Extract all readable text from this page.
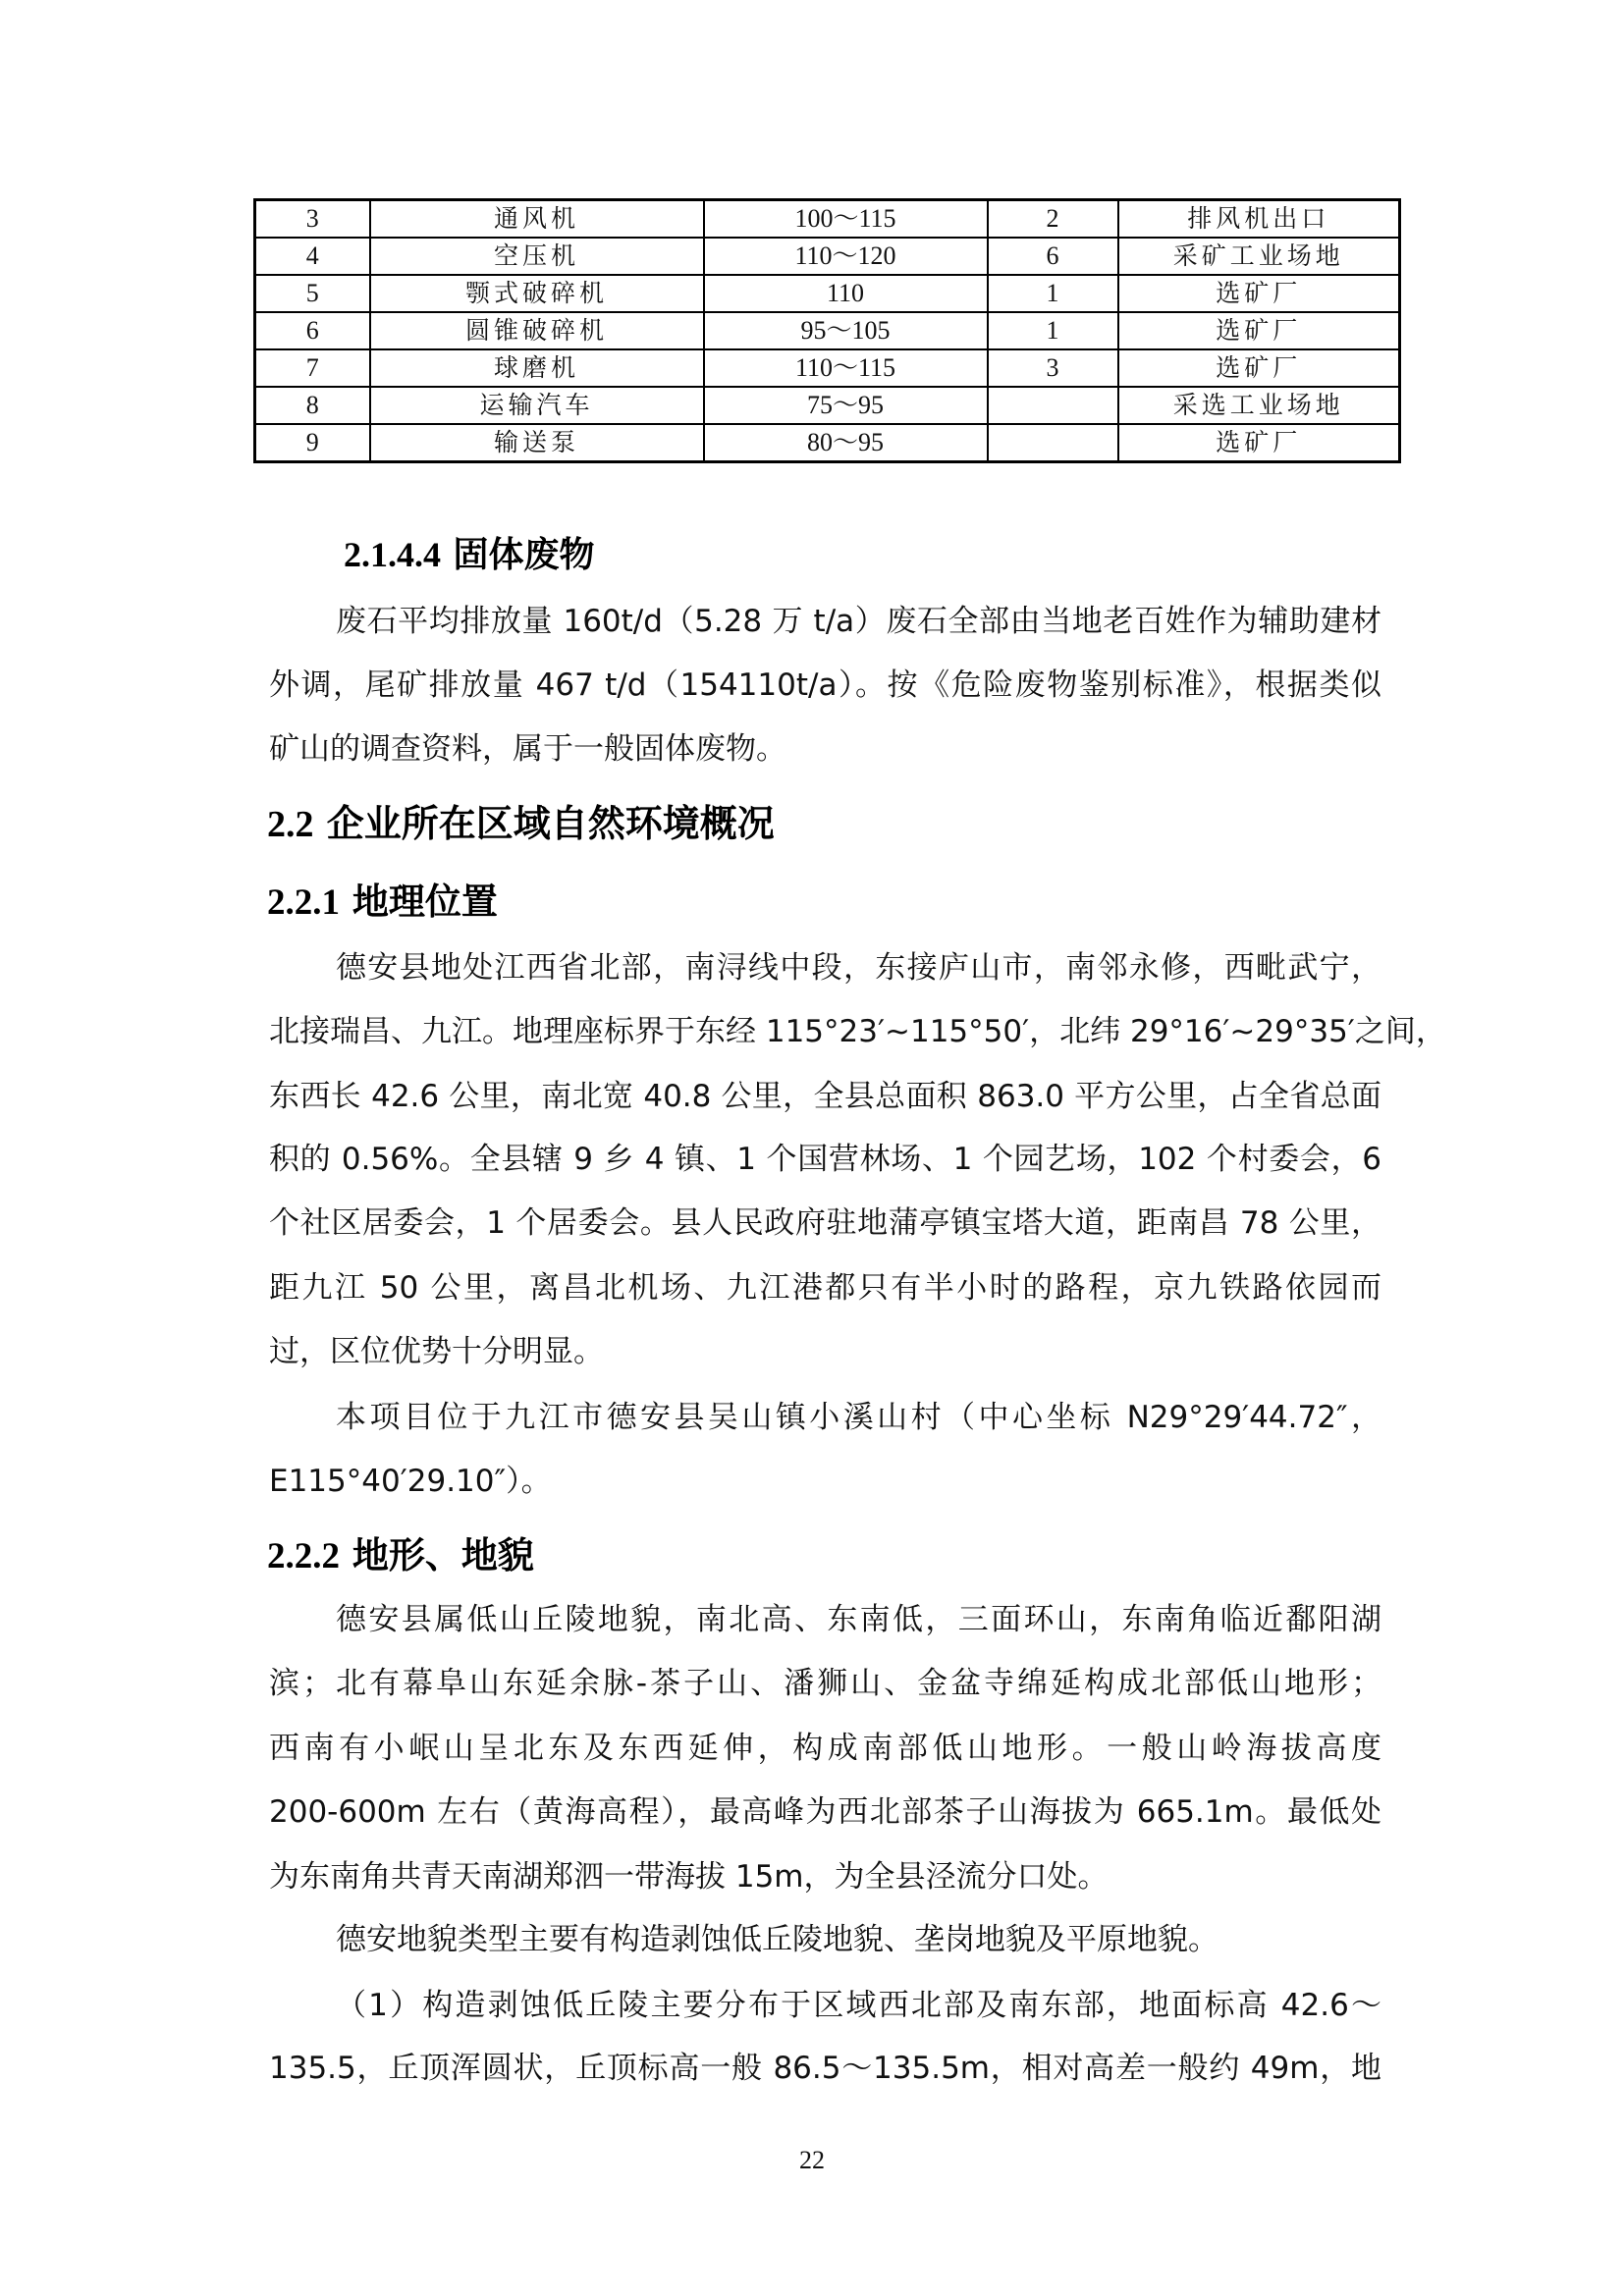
3	通风机	100～115	2	排风机出口
4	空压机	110～120	6	采矿工业场地
5	颚式破碎机	110	1	选矿厂
6	圆锥破碎机	95～105	1	选矿厂
7	球磨机	110～115	3	选矿厂
8	运输汽车	75～95		采选工业场地
9	输送泵	80～95		选矿厂
2.1.4.4 固体废物
废石平均排放量 160t/d（5.28 万 t/a）废石全部由当地老百姓作为辅助建材
外调，尾矿排放量 467 t/d（154110t/a）。按《危险废物鉴别标准》，根据类似
矿山的调查资料，属于一般固体废物。
2.2 企业所在区域自然环境概况
2.2.1 地理位置
德安县地处江西省北部，南浔线中段，东接庐山市，南邻永修，西毗武宁，
北接瑞昌、九江。地理座标界于东经 115°23′~115°50′，北纬 29°16′~29°35′之间，
东西长 42.6 公里，南北宽 40.8 公里，全县总面积 863.0 平方公里，占全省总面
积的 0.56%。全县辖 9 乡 4 镇、1 个国营林场、1 个园艺场，102 个村委会，6
个社区居委会，1 个居委会。县人民政府驻地蒲亭镇宝塔大道，距南昌 78 公里，
距九江 50 公里，离昌北机场、九江港都只有半小时的路程，京九铁路依园而
过，区位优势十分明显。
本项目位于九江市德安县吴山镇小溪山村（中心坐标 N29°29′44.72″，
E115°40′29.10″）。
2.2.2 地形、地貌
德安县属低山丘陵地貌，南北高、东南低，三面环山，东南角临近鄱阳湖
滨；北有幕阜山东延余脉-茶子山、潘狮山、金盆寺绵延构成北部低山地形；
西南有小岷山呈北东及东西延伸，构成南部低山地形。一般山岭海拔高度
200-600m 左右（黄海高程），最高峰为西北部茶子山海拔为 665.1m。最低处
为东南角共青天南湖郑泗一带海拔 15m，为全县泾流分口处。
德安地貌类型主要有构造剥蚀低丘陵地貌、垄岗地貌及平原地貌。
（1）构造剥蚀低丘陵主要分布于区域西北部及南东部，地面标高 42.6～
135.5，丘顶浑圆状，丘顶标高一般 86.5～135.5m，相对高差一般约 49m，地
22
